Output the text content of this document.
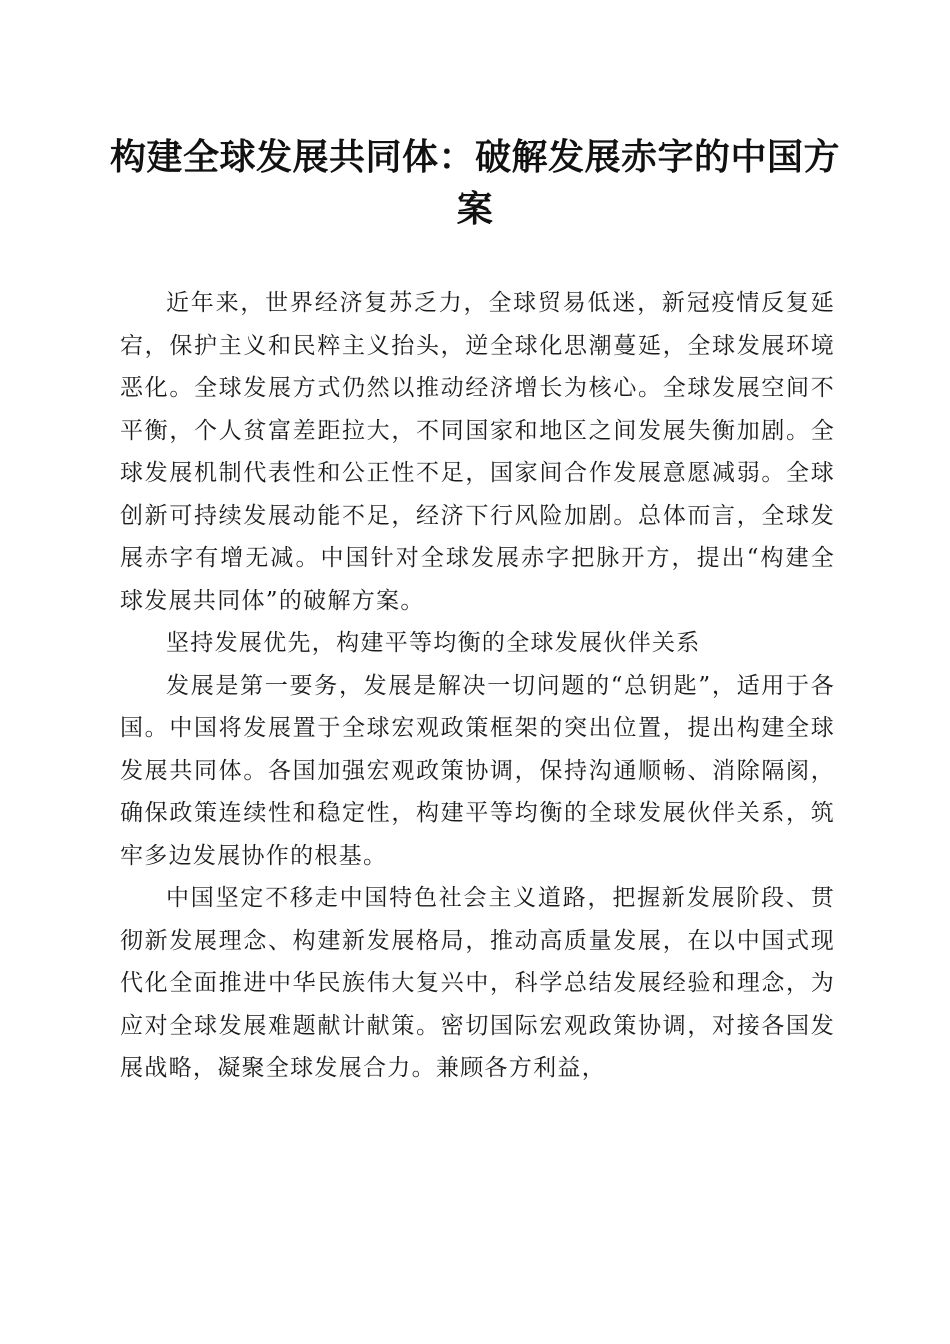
构建全球发展共同体：破解发展赤字的中国方案

近年来，世界经济复苏乏力，全球贸易低迷，新冠疫情反复延宕，保护主义和民粹主义抬头，逆全球化思潮蔓延，全球发展环境恶化。全球发展方式仍然以推动经济增长为核心。全球发展空间不平衡，个人贫富差距拉大，不同国家和地区之间发展失衡加剧。全球发展机制代表性和公正性不足，国家间合作发展意愿减弱。全球创新可持续发展动能不足，经济下行风险加剧。总体而言，全球发展赤字有增无减。中国针对全球发展赤字把脉开方，提出“构建全球发展共同体”的破解方案。

坚持发展优先，构建平等均衡的全球发展伙伴关系

发展是第一要务，发展是解决一切问题的“总钥匙”，适用于各国。中国将发展置于全球宏观政策框架的突出位置，提出构建全球发展共同体。各国加强宏观政策协调，保持沟通顺畅、消除隔阂，确保政策连续性和稳定性，构建平等均衡的全球发展伙伴关系，筑牢多边发展协作的根基。

中国坚定不移走中国特色社会主义道路，把握新发展阶段、贯彻新发展理念、构建新发展格局，推动高质量发展，在以中国式现代化全面推进中华民族伟大复兴中，科学总结发展经验和理念，为应对全球发展难题献计献策。密切国际宏观政策协调，对接各国发展战略，凝聚全球发展合力。兼顾各方利益，
